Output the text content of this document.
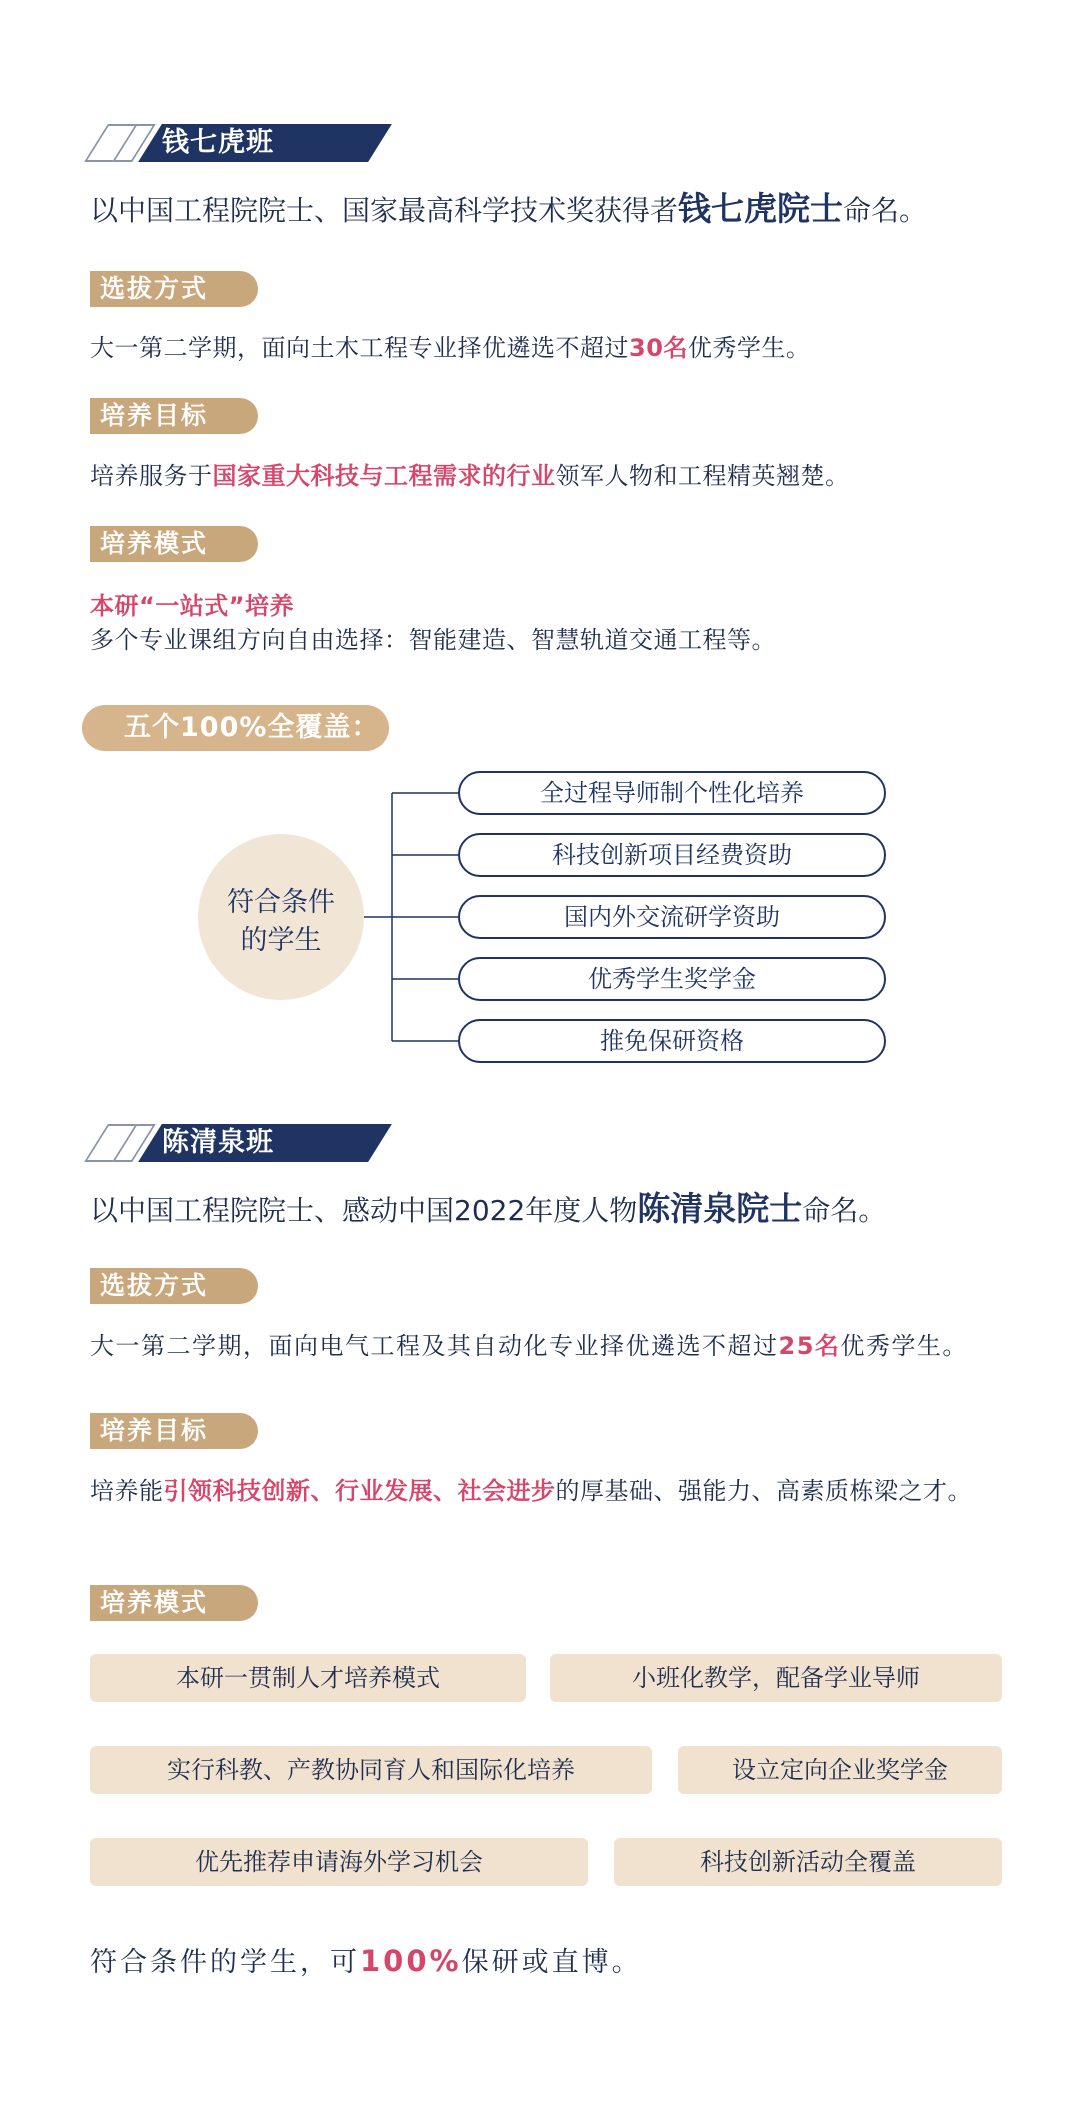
钱七虎班
以中国工程院院士、国家最高科学技术奖获得者钱七虎院士命名。
选拔方式
大一第二学期，面向土木工程专业择优遴选不超过30名优秀学生。
培养目标
培养服务于国家重大科技与工程需求的行业领军人物和工程精英翘楚。
培养模式
本研“一站式”培养
多个专业课组方向自由选择：智能建造、智慧轨道交通工程等。
五个100%全覆盖：
符合条件
的学生
全过程导师制个性化培养
科技创新项目经费资助
国内外交流研学资助
优秀学生奖学金
推免保研资格
陈清泉班
以中国工程院院士、感动中国2022年度人物陈清泉院士命名。
选拔方式
大一第二学期，面向电气工程及其自动化专业择优遴选不超过25名优秀学生。
培养目标
培养能引领科技创新、行业发展、社会进步的厚基础、强能力、高素质栋梁之才。
培养模式
本研一贯制人才培养模式	小班化教学，配备学业导师
实行科教、产教协同育人和国际化培养	设立定向企业奖学金
优先推荐申请海外学习机会	科技创新活动全覆盖
符合条件的学生，可100%保研或直博。
